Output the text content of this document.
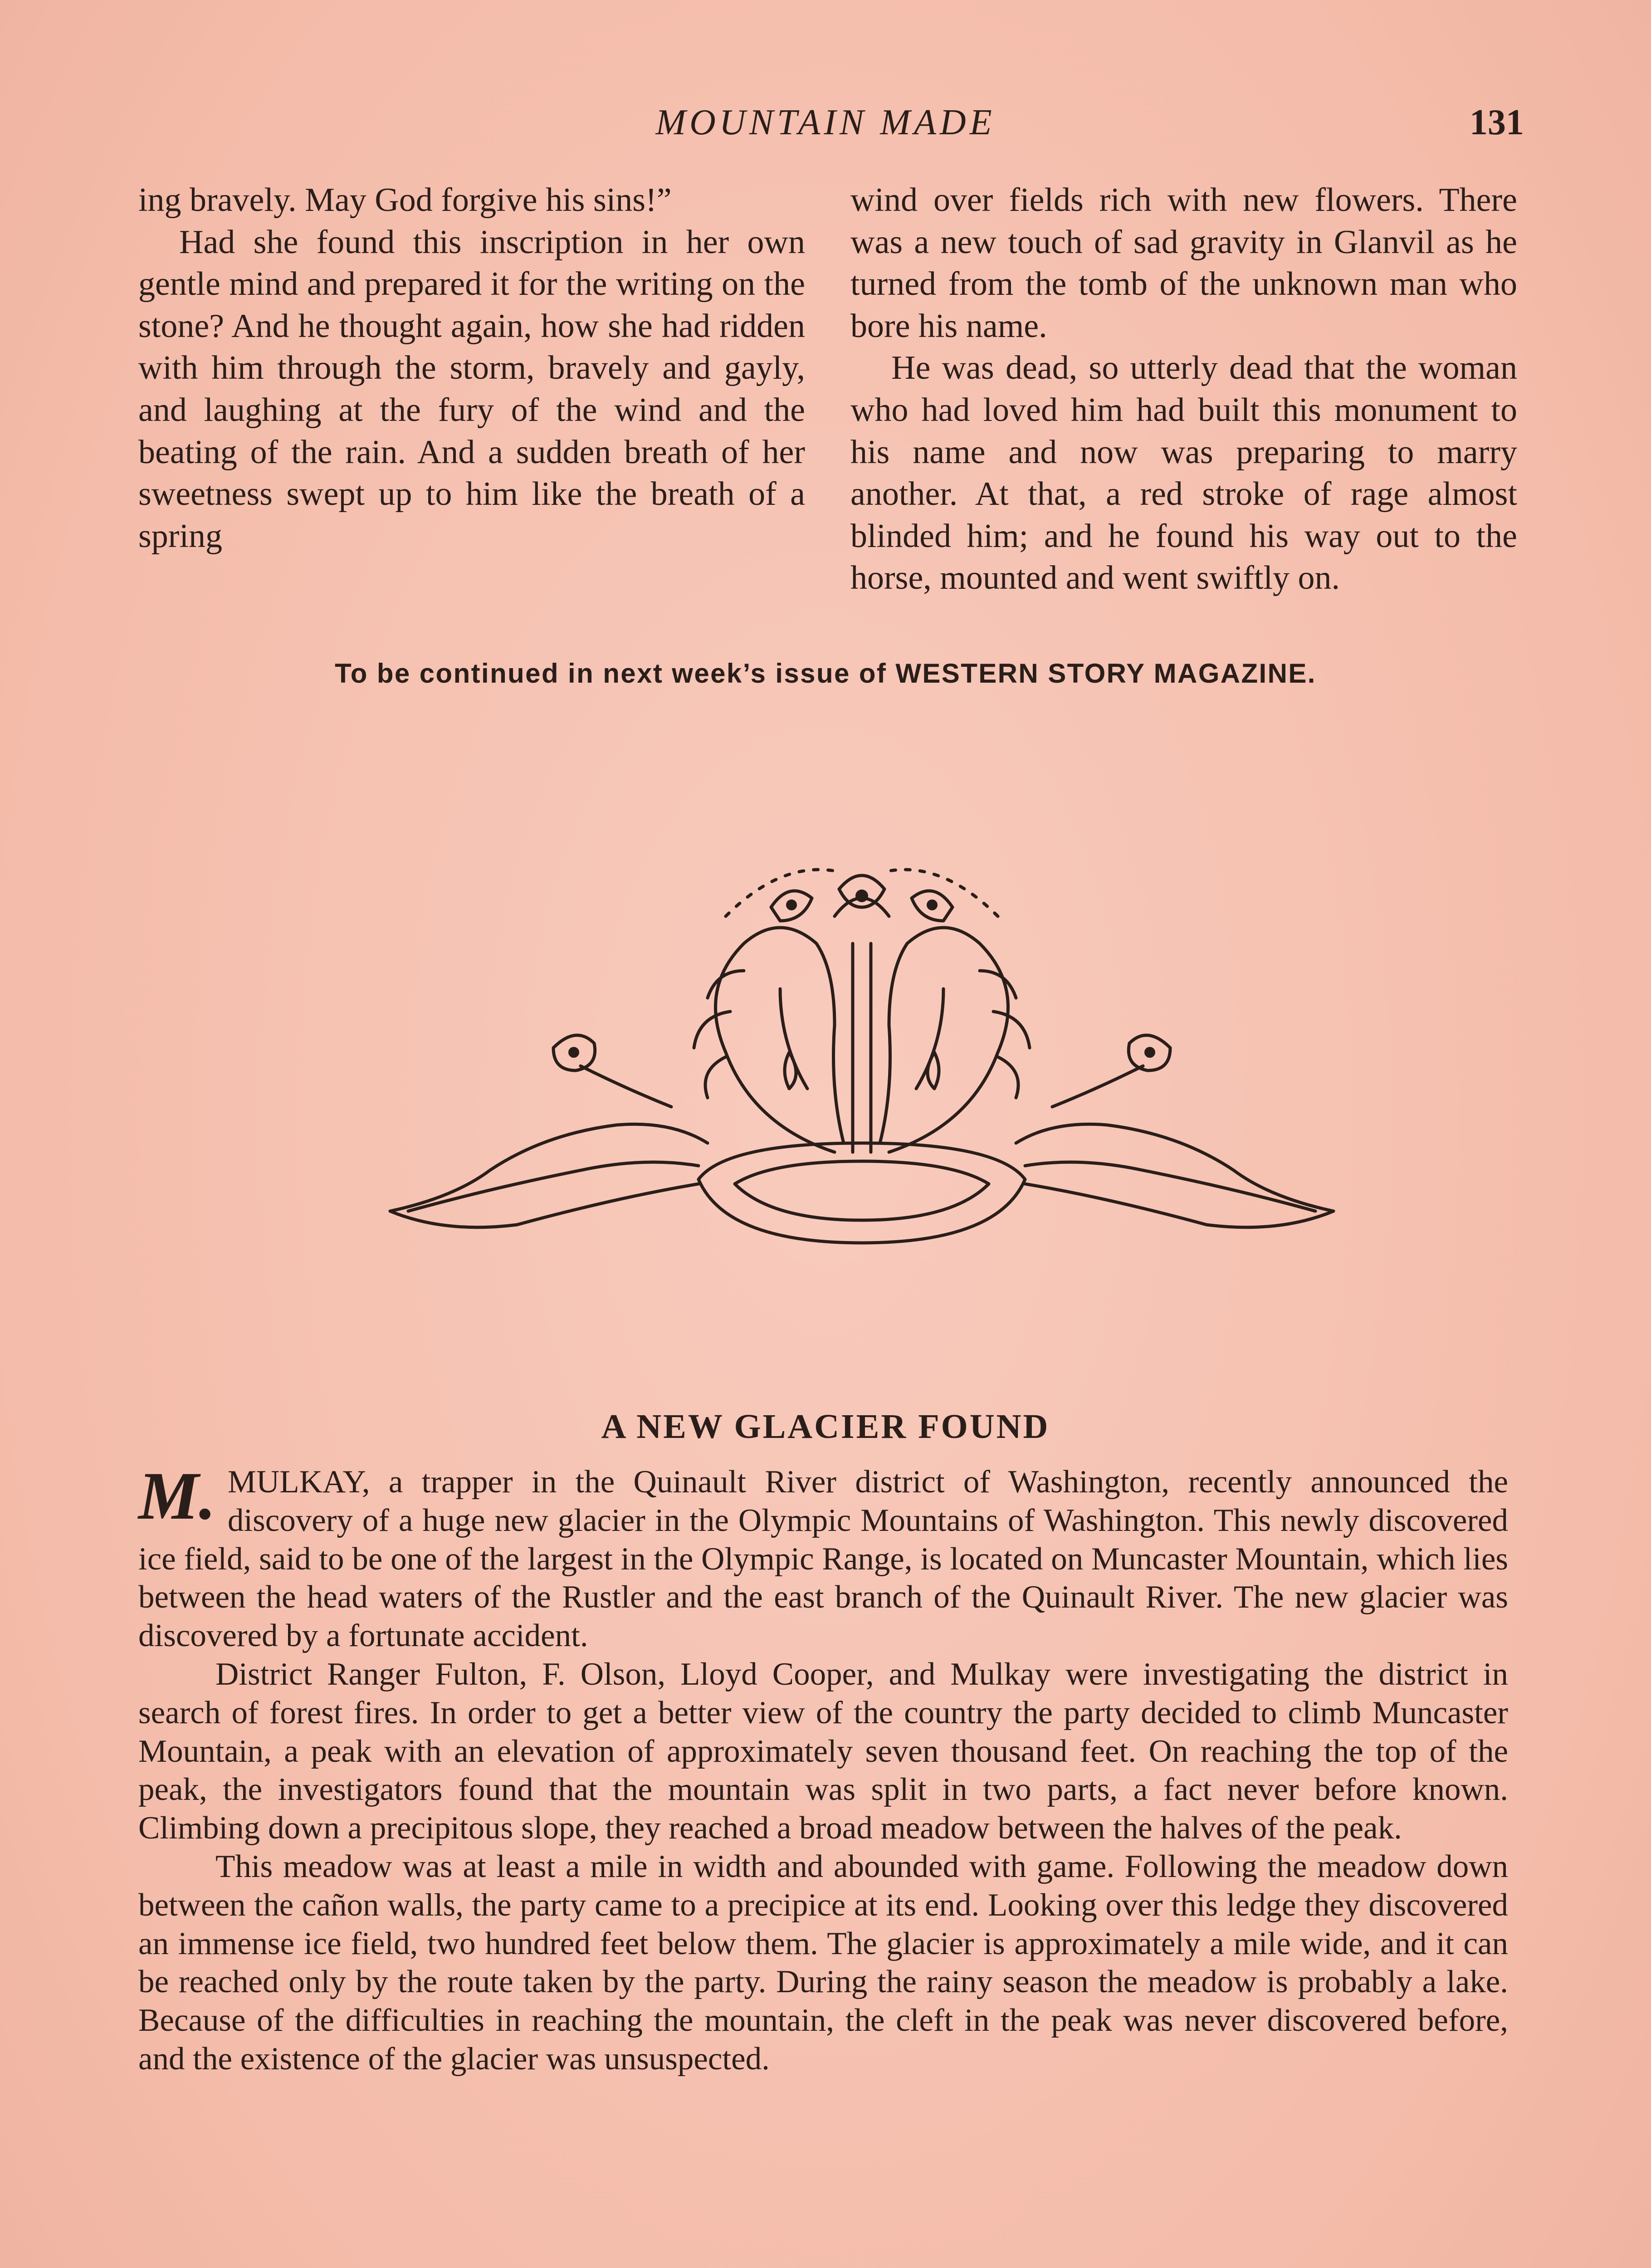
MOUNTAIN MADE	131

ing bravely. May God forgive his sins!”

Had she found this inscription in her own gentle mind and prepared it for the writing on the stone? And he thought again, how she had ridden with him through the storm, bravely and gayly, and laughing at the fury of the wind and the beating of the rain. And a sudden breath of her sweetness swept up to him like the breath of a spring

wind over fields rich with new flowers. There was a new touch of sad gravity in Glanvil as he turned from the tomb of the unknown man who bore his name.

He was dead, so utterly dead that the woman who had loved him had built this monument to his name and now was preparing to marry another. At that, a red stroke of rage almost blinded him; and he found his way out to the horse, mounted and went swiftly on.

To be continued in next week’s issue of WESTERN STORY MAGAZINE.
A NEW GLACIER FOUND

M. MULKAY, a trapper in the Quinault River district of Washington, recently announced the discovery of a huge new glacier in the Olympic Mountains of Washington. This newly discovered ice field, said to be one of the largest in the Olympic Range, is located on Muncaster Mountain, which lies between the head waters of the Rustler and the east branch of the Quinault River. The new glacier was discovered by a fortunate accident.

District Ranger Fulton, F. Olson, Lloyd Cooper, and Mulkay were investigating the district in search of forest fires. In order to get a better view of the country the party decided to climb Muncaster Mountain, a peak with an elevation of approximately seven thousand feet. On reaching the top of the peak, the investigators found that the mountain was split in two parts, a fact never before known. Climbing down a precipitous slope, they reached a broad meadow between the halves of the peak.

This meadow was at least a mile in width and abounded with game. Following the meadow down between the cañon walls, the party came to a precipice at its end. Looking over this ledge they discovered an immense ice field, two hundred feet below them. The glacier is approximately a mile wide, and it can be reached only by the route taken by the party. During the rainy season the meadow is probably a lake. Because of the difficulties in reaching the mountain, the cleft in the peak was never discovered before, and the existence of the glacier was unsuspected.
